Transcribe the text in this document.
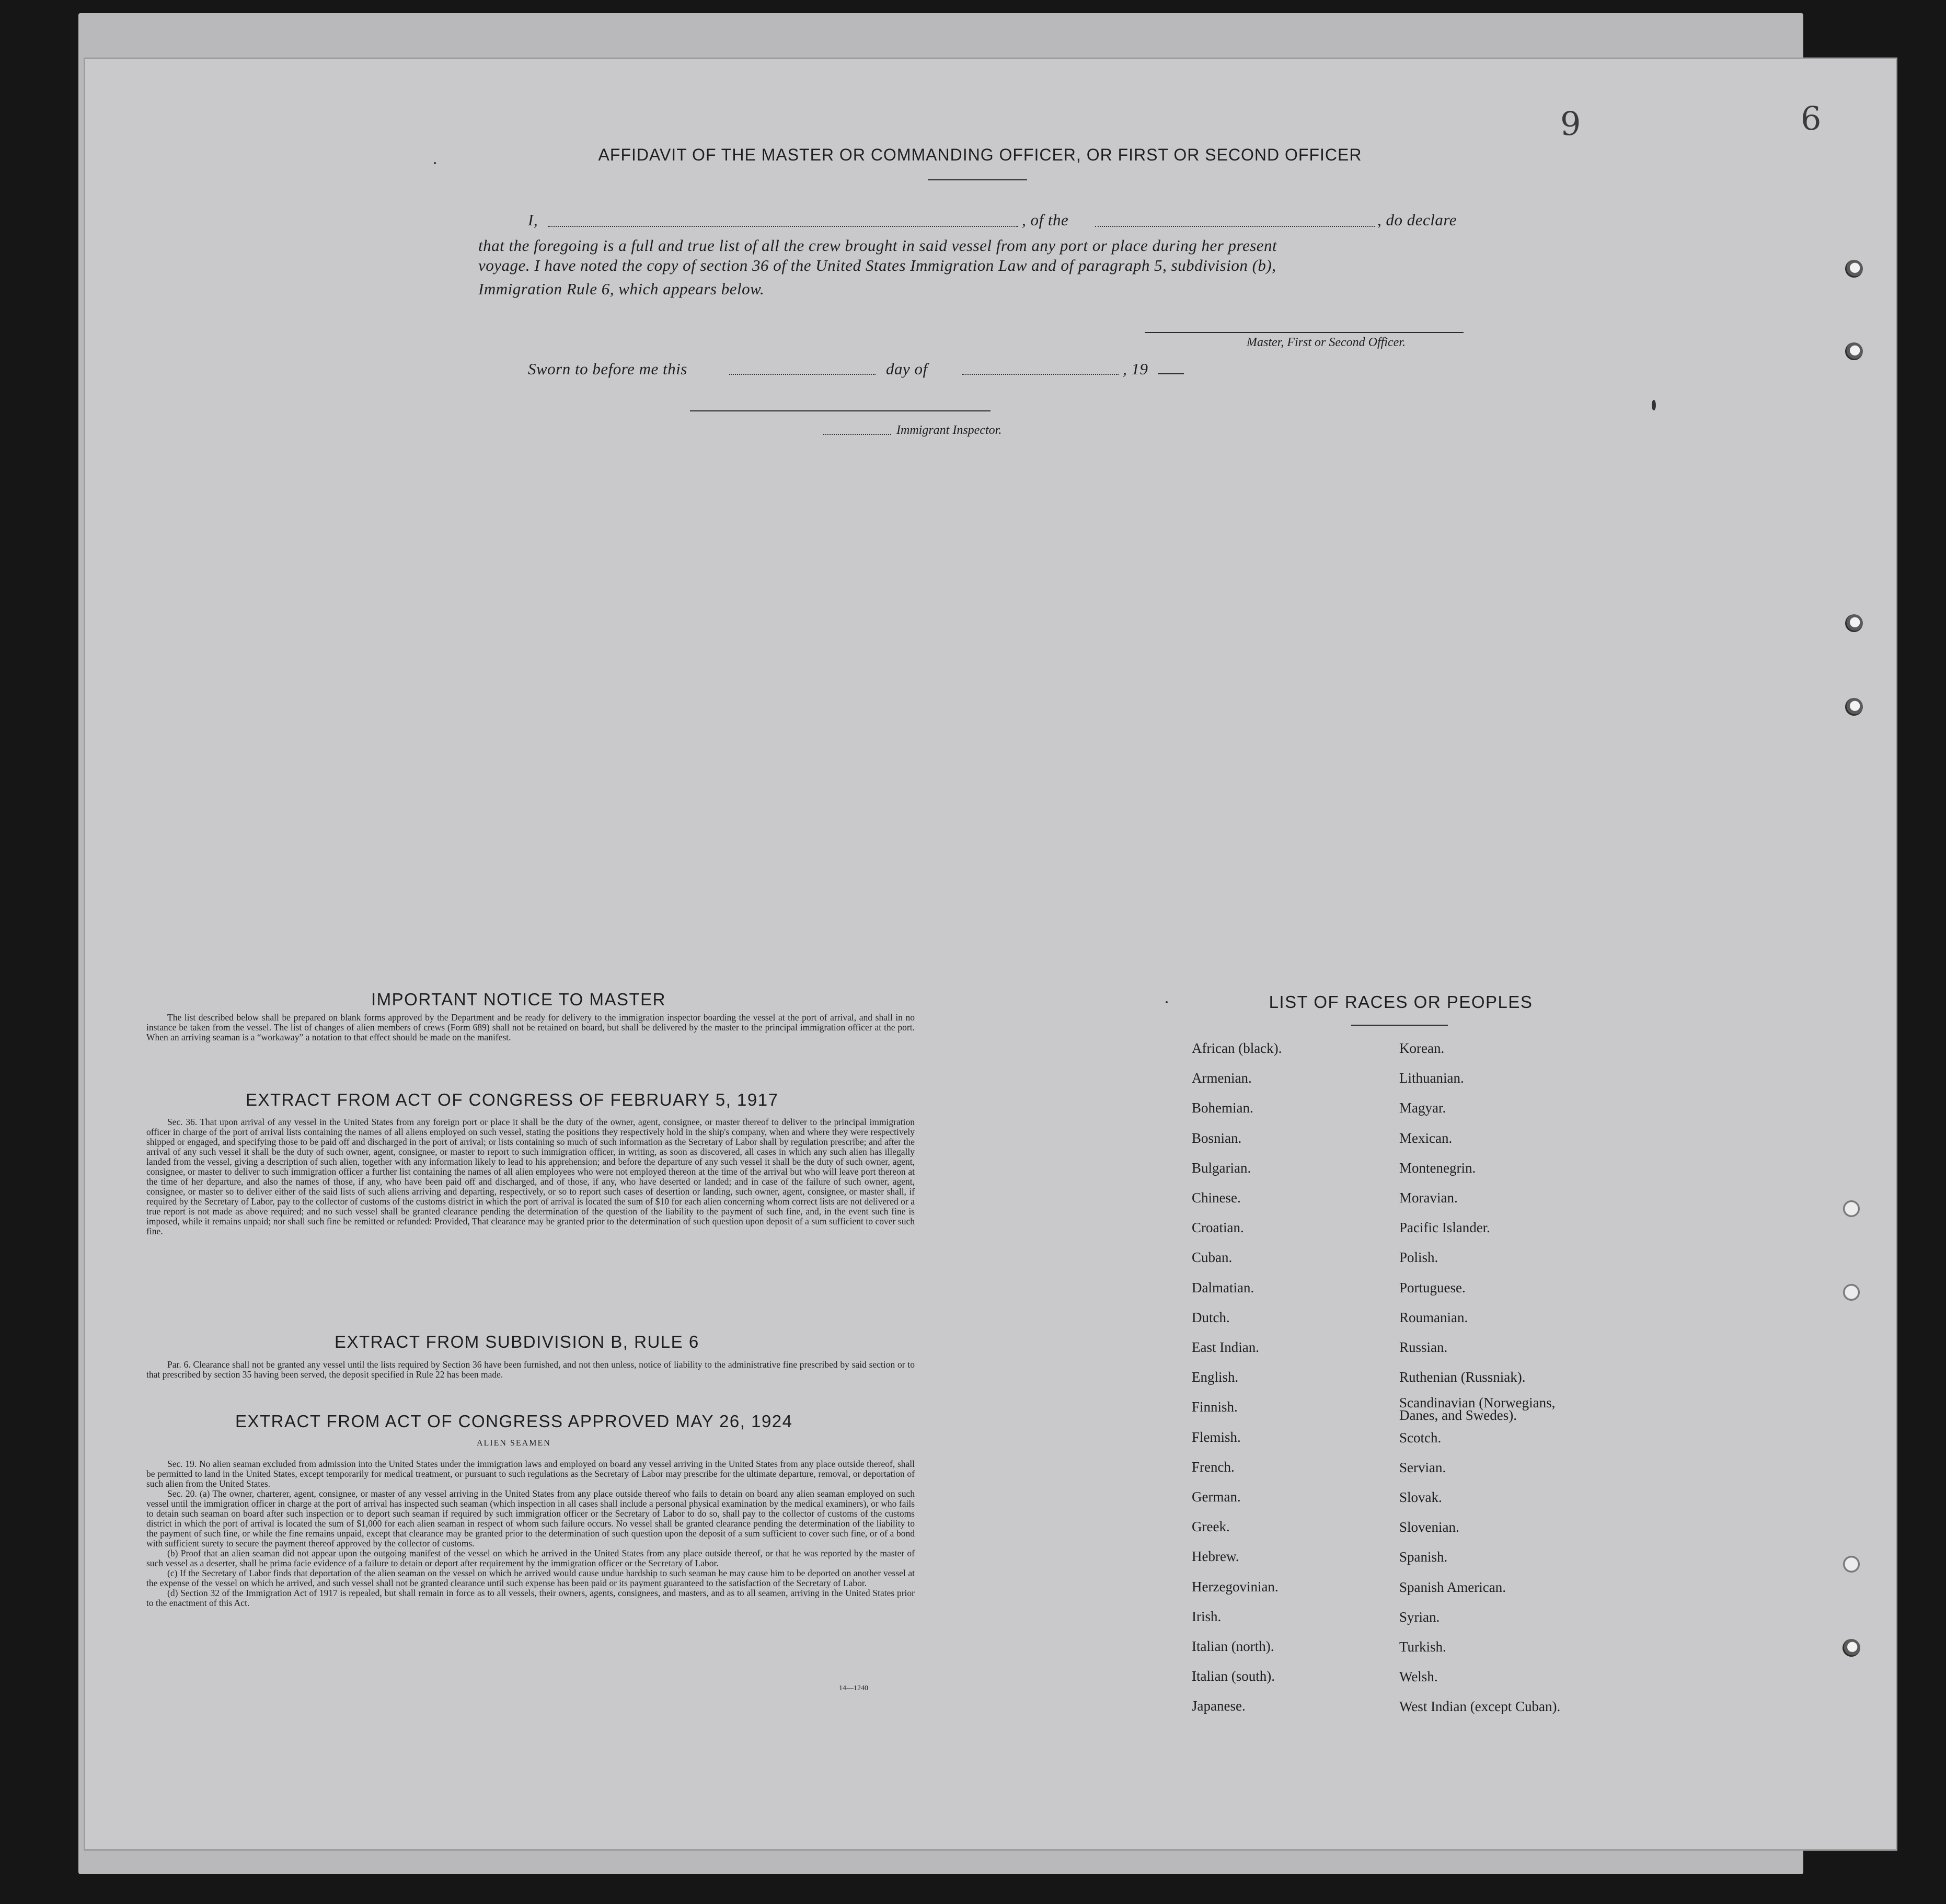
9	6
AFFIDAVIT OF THE MASTER OR COMMANDING OFFICER, OR FIRST OR SECOND OFFICER
I,	, of the	, do declare
that the foregoing is a full and true list of all the crew brought in said vessel from any port or place during her present
voyage. I have noted the copy of section 36 of the United States Immigration Law and of paragraph 5, subdivision (b),
Immigration Rule 6, which appears below.
Master, First or Second Officer.
Sworn to before me this	day of	, 19
Immigrant Inspector.
IMPORTANT NOTICE TO MASTER

The list described below shall be prepared on blank forms approved by the Department and be ready for delivery to the immigration inspector boarding the vessel at the port of arrival, and shall in no instance be taken from the vessel. The list of changes of alien members of crews (Form 689) shall not be retained on board, but shall be delivered by the master to the principal immigration officer at the port. When an arriving seaman is a “workaway” a notation to that effect should be made on the manifest.

EXTRACT FROM ACT OF CONGRESS OF FEBRUARY 5, 1917

Sec. 36. That upon arrival of any vessel in the United States from any foreign port or place it shall be the duty of the owner, agent, consignee, or master thereof to deliver to the principal immigration officer in charge of the port of arrival lists containing the names of all aliens employed on such vessel, stating the positions they respectively hold in the ship's company, when and where they were respectively shipped or engaged, and specifying those to be paid off and discharged in the port of arrival; or lists containing so much of such information as the Secretary of Labor shall by regulation prescribe; and after the arrival of any such vessel it shall be the duty of such owner, agent, consignee, or master to report to such immigration officer, in writing, as soon as discovered, all cases in which any such alien has illegally landed from the vessel, giving a description of such alien, together with any information likely to lead to his apprehension; and before the departure of any such vessel it shall be the duty of such owner, agent, consignee, or master to deliver to such immigration officer a further list containing the names of all alien employees who were not employed thereon at the time of the arrival but who will leave port thereon at the time of her departure, and also the names of those, if any, who have been paid off and discharged, and of those, if any, who have deserted or landed; and in case of the failure of such owner, agent, consignee, or master so to deliver either of the said lists of such aliens arriving and departing, respectively, or so to report such cases of desertion or landing, such owner, agent, consignee, or master shall, if required by the Secretary of Labor, pay to the collector of customs of the customs district in which the port of arrival is located the sum of $10 for each alien concerning whom correct lists are not delivered or a true report is not made as above required; and no such vessel shall be granted clearance pending the determination of the question of the liability to the payment of such fine, and, in the event such fine is imposed, while it remains unpaid; nor shall such fine be remitted or refunded: Provided, That clearance may be granted prior to the determination of such question upon deposit of a sum sufficient to cover such fine.

EXTRACT FROM SUBDIVISION B, RULE 6

Par. 6. Clearance shall not be granted any vessel until the lists required by Section 36 have been furnished, and not then unless, notice of liability to the administrative fine prescribed by said section or to that prescribed by section 35 having been served, the deposit specified in Rule 22 has been made.

EXTRACT FROM ACT OF CONGRESS APPROVED MAY 26, 1924
ALIEN SEAMEN

Sec. 19. No alien seaman excluded from admission into the United States under the immigration laws and employed on board any vessel arriving in the United States from any place outside thereof, shall be permitted to land in the United States, except temporarily for medical treatment, or pursuant to such regulations as the Secretary of Labor may prescribe for the ultimate departure, removal, or deportation of such alien from the United States.

Sec. 20. (a) The owner, charterer, agent, consignee, or master of any vessel arriving in the United States from any place outside thereof who fails to detain on board any alien seaman employed on such vessel until the immigration officer in charge at the port of arrival has inspected such seaman (which inspection in all cases shall include a personal physical examination by the medical examiners), or who fails to detain such seaman on board after such inspection or to deport such seaman if required by such immigration officer or the Secretary of Labor to do so, shall pay to the collector of customs of the customs district in which the port of arrival is located the sum of $1,000 for each alien seaman in respect of whom such failure occurs. No vessel shall be granted clearance pending the determination of the liability to the payment of such fine, or while the fine remains unpaid, except that clearance may be granted prior to the determination of such question upon the deposit of a sum sufficient to cover such fine, or of a bond with sufficient surety to secure the payment thereof approved by the collector of customs.

(b) Proof that an alien seaman did not appear upon the outgoing manifest of the vessel on which he arrived in the United States from any place outside thereof, or that he was reported by the master of such vessel as a deserter, shall be prima facie evidence of a failure to detain or deport after requirement by the immigration officer or the Secretary of Labor.

(c) If the Secretary of Labor finds that deportation of the alien seaman on the vessel on which he arrived would cause undue hardship to such seaman he may cause him to be deported on another vessel at the expense of the vessel on which he arrived, and such vessel shall not be granted clearance until such expense has been paid or its payment guaranteed to the satisfaction of the Secretary of Labor.

(d) Section 32 of the Immigration Act of 1917 is repealed, but shall remain in force as to all vessels, their owners, agents, consignees, and masters, and as to all seamen, arriving in the United States prior to the enactment of this Act.

14—1240
LIST OF RACES OR PEOPLES
African (black).
Armenian.
Bohemian.
Bosnian.
Bulgarian.
Chinese.
Croatian.
Cuban.
Dalmatian.
Dutch.
East Indian.
English.
Finnish.
Flemish.
French.
German.
Greek.
Hebrew.
Herzegovinian.
Irish.
Italian (north).
Italian (south).
Japanese.
Korean.
Lithuanian.
Magyar.
Mexican.
Montenegrin.
Moravian.
Pacific Islander.
Polish.
Portuguese.
Roumanian.
Russian.
Ruthenian (Russniak).
Scandinavian (Norwegians, Danes, and Swedes).
Scotch.
Servian.
Slovak.
Slovenian.
Spanish.
Spanish American.
Syrian.
Turkish.
Welsh.
West Indian (except Cuban).
